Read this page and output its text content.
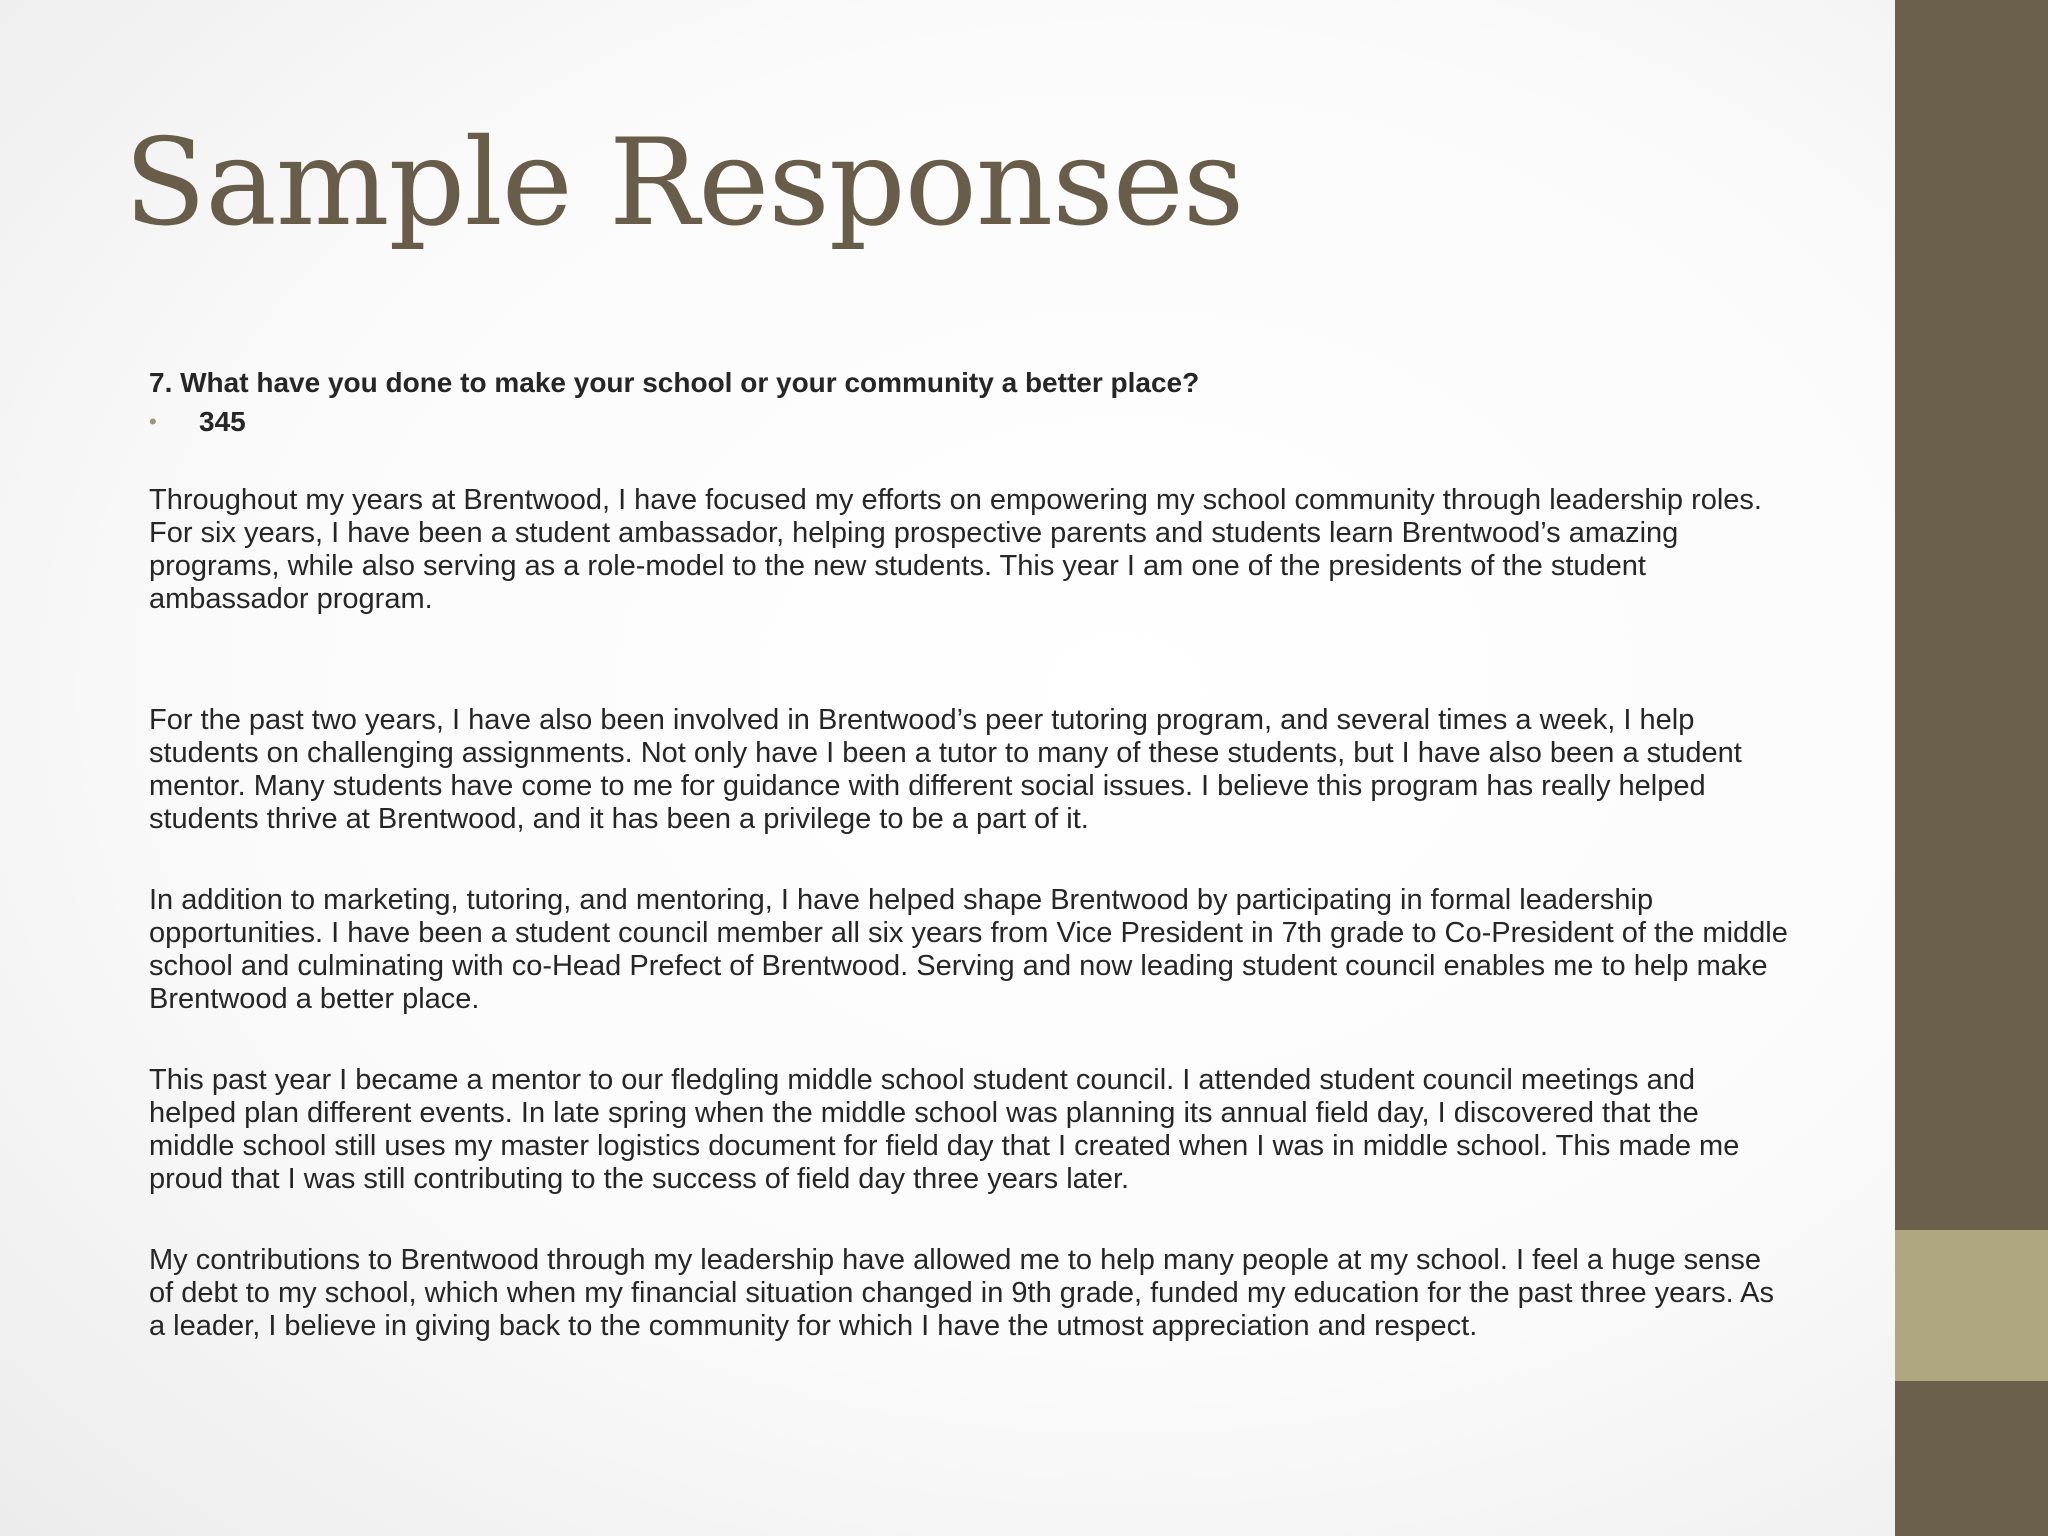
Sample Responses

7. What have you done to make your school or your community a better place?

•	345

Throughout my years at Brentwood, I have focused my efforts on empowering my school community through leadership roles. For six years, I have been a student ambassador, helping prospective parents and students learn Brentwood’s amazing programs, while also serving as a role-model to the new students. This year I am one of the presidents of the student ambassador program.

For the past two years, I have also been involved in Brentwood’s peer tutoring program, and several times a week, I help students on challenging assignments. Not only have I been a tutor to many of these students, but I have also been a student mentor. Many students have come to me for guidance with different social issues. I believe this program has really helped students thrive at Brentwood, and it has been a privilege to be a part of it.

In addition to marketing, tutoring, and mentoring, I have helped shape Brentwood by participating in formal leadership opportunities. I have been a student council member all six years from Vice President in 7th grade to Co-President of the middle school and culminating with co-Head Prefect of Brentwood. Serving and now leading student council enables me to help make Brentwood a better place.

This past year I became a mentor to our fledgling middle school student council. I attended student council meetings and helped plan different events. In late spring when the middle school was planning its annual field day, I discovered that the middle school still uses my master logistics document for field day that I created when I was in middle school. This made me proud that I was still contributing to the success of field day three years later.

My contributions to Brentwood through my leadership have allowed me to help many people at my school. I feel a huge sense of debt to my school, which when my financial situation changed in 9th grade, funded my education for the past three years. As a leader, I believe in giving back to the community for which I have the utmost appreciation and respect.
